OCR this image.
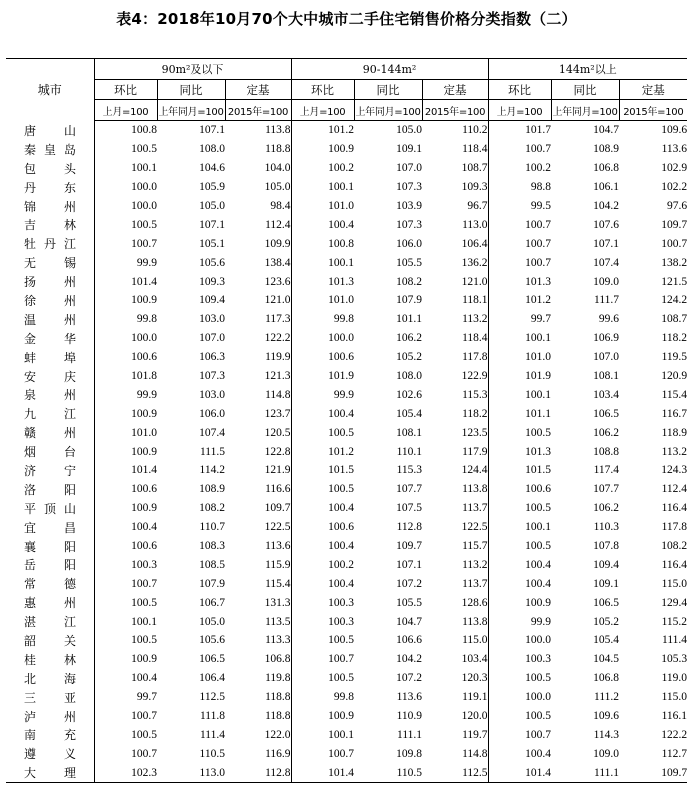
表4：2018年10月70个大中城市二手住宅销售价格分类指数（二）
城市	90m²及以下			90-144m²			144m²以上		
	环比	同比	定基	环比	同比	定基	环比	同比	定基
	上月=100	上年同月=100	2015年=100	上月=100	上年同月=100	2015年=100	上月=100	上年同月=100	2015年=100
唐山	100.8	107.1	113.8	101.2	105.0	110.2	101.7	104.7	109.6
秦皇岛	100.5	108.0	118.8	100.9	109.1	118.4	100.7	108.9	113.6
包头	100.1	104.6	104.0	100.2	107.0	108.7	100.2	106.8	102.9
丹东	100.0	105.9	105.0	100.1	107.3	109.3	98.8	106.1	102.2
锦州	100.0	105.0	98.4	101.0	103.9	96.7	99.5	104.2	97.6
吉林	100.5	107.1	112.4	100.4	107.3	113.0	100.7	107.6	109.7
牡丹江	100.7	105.1	109.9	100.8	106.0	106.4	100.7	107.1	100.7
无锡	99.9	105.6	138.4	100.1	105.5	136.2	100.7	107.4	138.2
扬州	101.4	109.3	123.6	101.3	108.2	121.0	101.3	109.0	121.5
徐州	100.9	109.4	121.0	101.0	107.9	118.1	101.2	111.7	124.2
温州	99.8	103.0	117.3	99.8	101.1	113.2	99.7	99.6	108.7
金华	100.0	107.0	122.2	100.0	106.2	118.4	100.1	106.9	118.2
蚌埠	100.6	106.3	119.9	100.6	105.2	117.8	101.0	107.0	119.5
安庆	101.8	107.3	121.3	101.9	108.0	122.9	101.9	108.1	120.9
泉州	99.9	103.0	114.8	99.9	102.6	115.3	100.1	103.4	115.4
九江	100.9	106.0	123.7	100.4	105.4	118.2	101.1	106.5	116.7
赣州	101.0	107.4	120.5	100.5	108.1	123.5	100.5	106.2	118.9
烟台	100.9	111.5	122.8	101.2	110.1	117.9	101.3	108.8	113.2
济宁	101.4	114.2	121.9	101.5	115.3	124.4	101.5	117.4	124.3
洛阳	100.6	108.9	116.6	100.5	107.7	113.8	100.6	107.7	112.4
平顶山	100.9	108.2	109.7	100.4	107.5	113.7	100.5	106.2	116.4
宜昌	100.4	110.7	122.5	100.6	112.8	122.5	100.1	110.3	117.8
襄阳	100.6	108.3	113.6	100.4	109.7	115.7	100.5	107.8	108.2
岳阳	100.3	108.5	115.9	100.2	107.1	113.2	100.4	109.4	116.4
常德	100.7	107.9	115.4	100.4	107.2	113.7	100.4	109.1	115.0
惠州	100.5	106.7	131.3	100.3	105.5	128.6	100.9	106.5	129.4
湛江	100.1	105.0	113.5	100.3	104.7	113.8	99.9	105.2	115.2
韶关	100.5	105.6	113.3	100.5	106.6	115.0	100.0	105.4	111.4
桂林	100.9	106.5	106.8	100.7	104.2	103.4	100.3	104.5	105.3
北海	100.4	106.4	119.8	100.5	107.2	120.3	100.5	106.8	119.0
三亚	99.7	112.5	118.8	99.8	113.6	119.1	100.0	111.2	115.0
泸州	100.7	111.8	118.8	100.9	110.9	120.0	100.5	109.6	116.1
南充	100.5	111.4	122.0	100.1	111.1	119.7	100.7	114.3	122.2
遵义	100.7	110.5	116.9	100.7	109.8	114.8	100.4	109.0	112.7
大理	102.3	113.0	112.8	101.4	110.5	112.5	101.4	111.1	109.7
